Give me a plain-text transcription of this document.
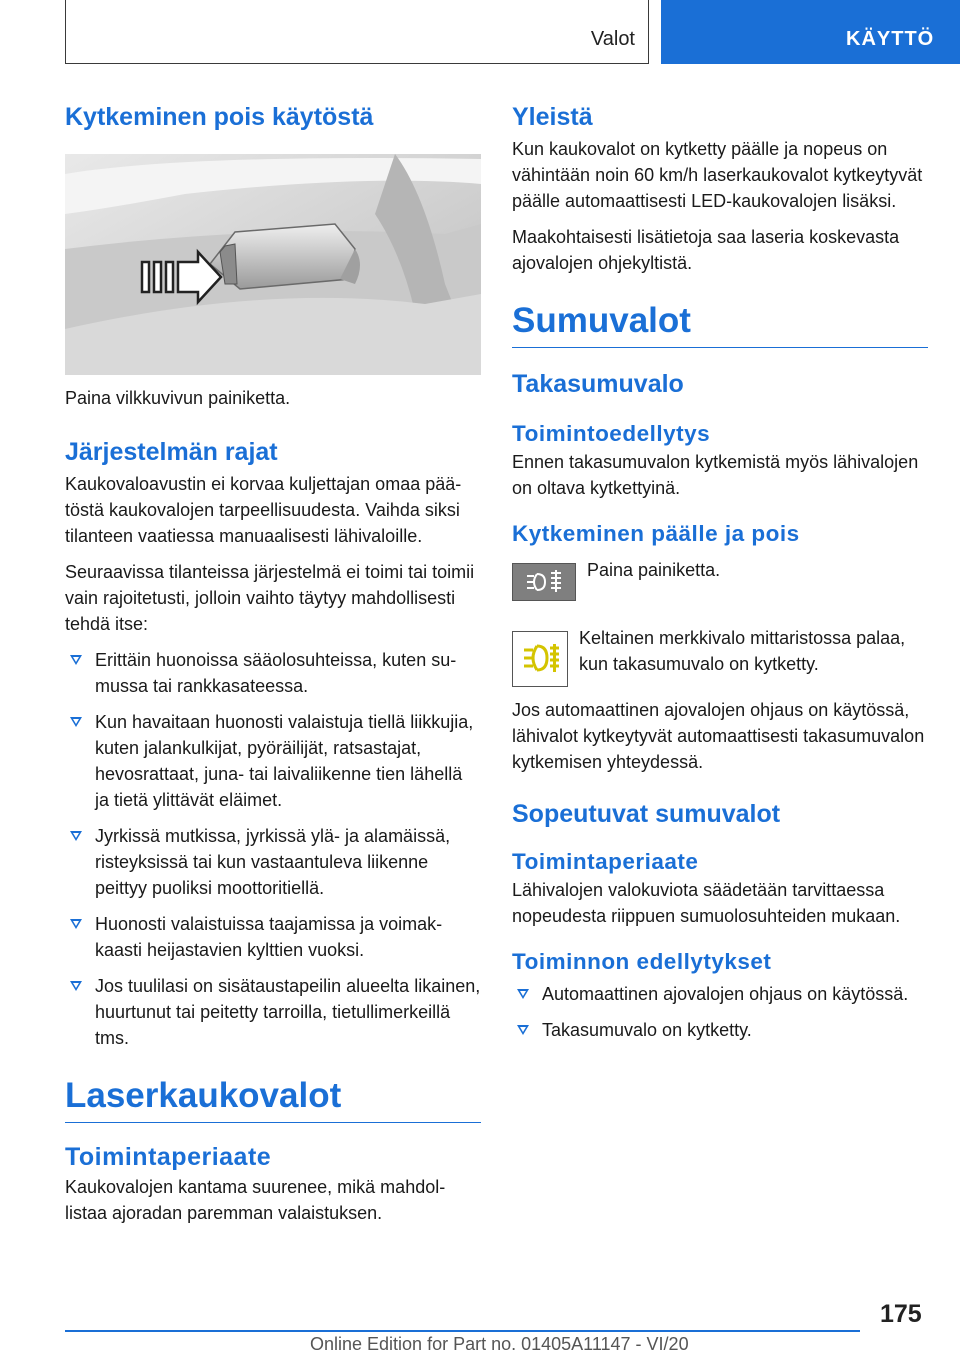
Valot	KÄYTTÖ
Kytkeminen pois käytöstä

Paina vilkkuvivun painiketta.

Järjestelmän rajat

Kaukovaloavustin ei korvaa kuljettajan omaa päätöstä kaukovalojen tarpeellisuudesta. Vaihda siksi tilanteen vaatiessa manuaalisesti lähivaloille.

Seuraavissa tilanteissa järjestelmä ei toimi tai toimii vain rajoitetusti, jolloin vaihto täytyy mahdollisesti tehdä itse:

Erittäin huonoissa sääolosuhteissa, kuten sumussa tai rankkasateessa.
Kun havaitaan huonosti valaistuja tiellä liikkujia, kuten jalankulkijat, pyöräilijät, ratsastajat, hevosrattaat, juna- tai laivaliikenne tien lähellä ja tietä ylittävät eläimet.
Jyrkissä mutkissa, jyrkissä ylä- ja alamäissä, risteyksissä tai kun vastaantuleva liikenne peittyy puoliksi moottoritiellä.
Huonosti valaistuissa taajamissa ja voimakkaasti heijastavien kylttien vuoksi.
Jos tuulilasi on sisätaustapeilin alueelta likainen, huurtunut tai peitetty tarroilla, tietullimerkeillä tms.
Laserkaukovalot
Toimintaperiaate

Kaukovalojen kantama suurenee, mikä mahdollistaa ajoradan paremman valaistuksen.

Yleistä

Kun kaukovalot on kytketty päälle ja nopeus on vähintään noin 60 km/h laserkaukovalot kytkeytyvät päälle automaattisesti LED-kaukovalojen lisäksi.

Maakohtaisesti lisätietoja saa laseria koskevasta ajovalojen ohjekyltistä.

Sumuvalot
Takasumuvalo
Toimintoedellytys

Ennen takasumuvalon kytkemistä myös lähivalojen on oltava kytkettyinä.

Kytkeminen päälle ja pois

Paina painiketta.

Keltainen merkkivalo mittaristossa palaa, kun takasumuvalo on kytketty.

Jos automaattinen ajovalojen ohjaus on käytössä, lähivalot kytkeytyvät automaattisesti takasumuvalon kytkemisen yhteydessä.

Sopeutuvat sumuvalot
Toimintaperiaate

Lähivalojen valokuviota säädetään tarvittaessa nopeudesta riippuen sumuolosuhteiden mukaan.

Toiminnon edellytykset
Automaattinen ajovalojen ohjaus on käytössä.
Takasumuvalo on kytketty.
175
Online Edition for Part no. 01405A11147 - VI/20
